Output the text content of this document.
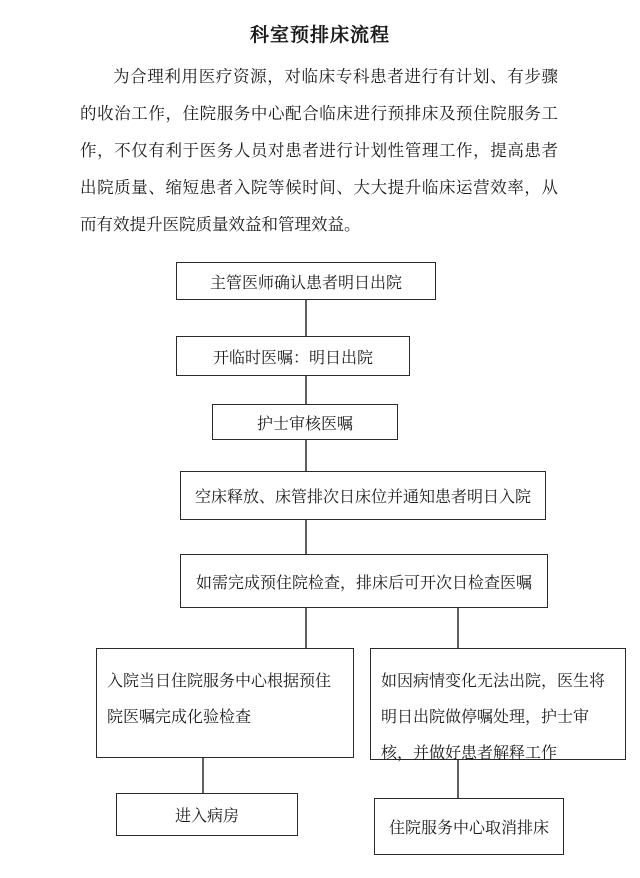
科室预排床流程

为合理利用医疗资源，对临床专科患者进行有计划、有步骤的收治工作，住院服务中心配合临床进行预排床及预住院服务工作，不仅有利于医务人员对患者进行计划性管理工作，提高患者出院质量、缩短患者入院等候时间、大大提升临床运营效率，从而有效提升医院质量效益和管理效益。

主管医师确认患者明日出院
开临时医嘱：明日出院
护士审核医嘱
空床释放、床管排次日床位并通知患者明日入院
如需完成预住院检查，排床后可开次日检查医嘱
入院当日住院服务中心根据预住院医嘱完成化验检查
进入病房
如因病情变化无法出院，医生将明日出院做停嘱处理，护士审核，并做好患者解释工作
住院服务中心取消排床
